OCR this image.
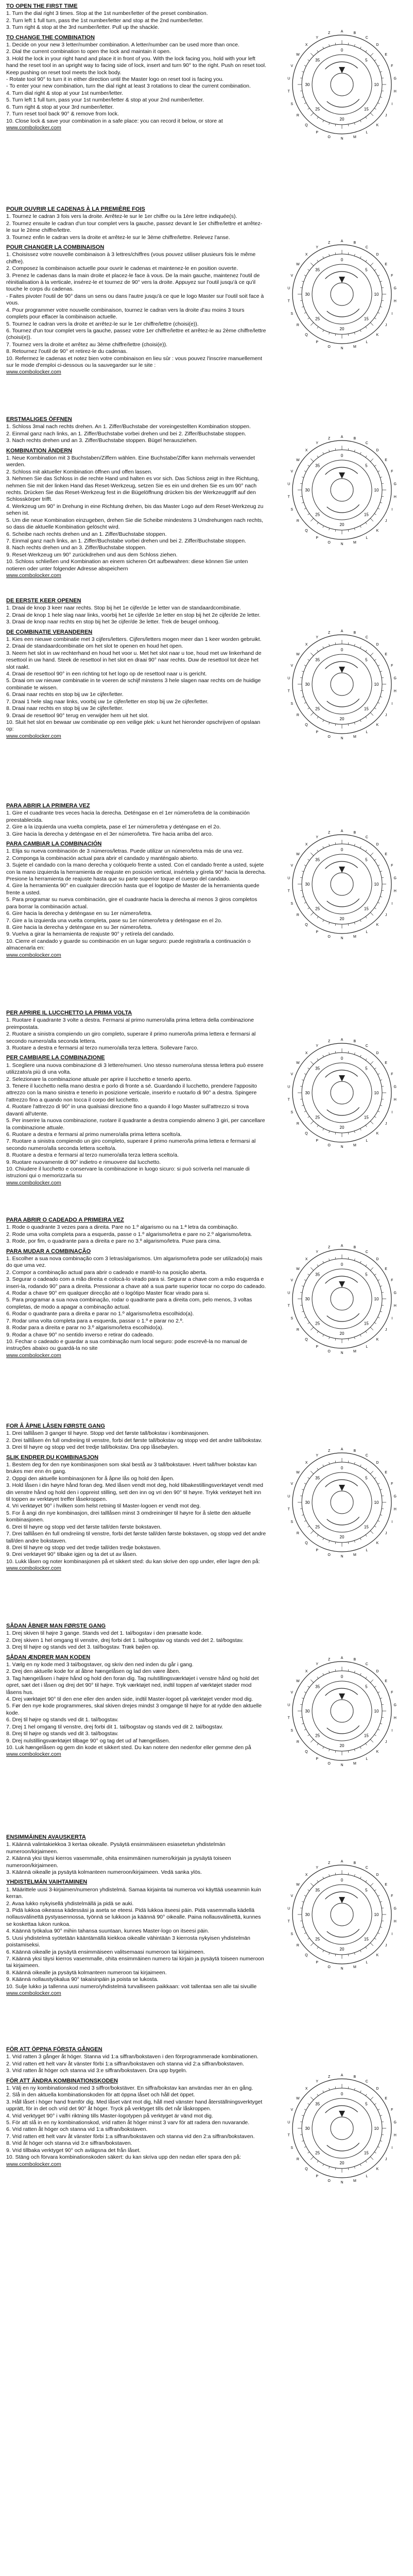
TO OPEN THE FIRST TIME

1. Turn the dial right 3 times. Stop at the 1st number/letter of the preset combination.
2. Turn left 1 full turn, pass the 1st number/letter and stop at the 2nd number/letter.
3. Turn right & stop at the 3rd number/letter. Pull up the shackle.

TO CHANGE THE COMBINATION

1. Decide on your new 3 letter/number combination. A letter/number can be used more than once.
2. Dial the current combination to open the lock and maintain it open.
3. Hold the lock in your right hand and place it in front of you. With the lock facing you, hold with your left hand the reset tool in an upright way to facing side of lock, insert and turn 90° to the right. Push on reset tool. Keep pushing on reset tool meets the lock body.
- Rotate tool 90° to turn it in either direction until the Master logo on reset tool is facing you.
- To enter your new combination, turn the dial right at least 3 rotations to clear the current combination.
4. Turn dial right & stop at your 1st number/letter.
5. Turn left 1 full turn, pass your 1st number/letter & stop at your 2nd number/letter.
6. Turn right & stop at your 3rd number/letter.
7. Turn reset tool back 90° & remove from lock.
10. Close lock & save your combination in a safe place: you can record it below, or store at

www.combolocker.com

0
5
10
15
20
25
30
35
A	B
C
D
E
F
G
H
I
J
K
L
M
N
O
P
Q
R
S
T
U
V
W
X
Y
Z

POUR OUVRIR LE CADENAS À LA PREMIÈRE FOIS

1. Tournez le cadran 3 fois vers la droite. Arrêtez-le sur le 1er chiffre ou la 1ère lettre indiquée(s).
2. Tournez ensuite le cadran d'un tour complet vers la gauche, passez devant le 1er chiffre/lettre et arrêtez-le sur le 2ème chiffre/lettre.
3. Tournez enfin le cadran vers la droite et arrêtez-le sur le 3ème chiffre/lettre. Relevez l'anse.

POUR CHANGER LA COMBINAISON

1. Choisissez votre nouvelle combinaison à 3 lettres/chiffres (vous pouvez utiliser plusieurs fois le même chiffre).
2. Composez la combinaison actuelle pour ouvrir le cadenas et maintenez-le en position ouverte.
3. Prenez le cadenas dans la main droite et placez-le face à vous. De la main gauche, maintenez l'outil de réinitialisation à la verticale, insérez-le et tournez de 90° vers la droite. Appuyez sur l'outil jusqu'à ce qu'il touche le corps du cadenas.
- Faites pivoter l'outil de 90° dans un sens ou dans l'autre jusqu'à ce que le logo Master sur l'outil soit face à vous.
4. Pour programmer votre nouvelle combinaison, tournez le cadran vers la droite d'au moins 3 tours complets pour effacer la combinaison actuelle.
5. Tournez le cadran vers la droite et arrêtez-le sur le 1er chiffre/lettre (choisi(e)).
6. Tournez d'un tour complet vers la gauche, passez votre 1er chiffre/lettre et arrêtez-le au 2ème chiffre/lettre (choisi(e)).
7. Tournez vers la droite et arrêtez au 3ème chiffre/lettre (choisi(e)).
8. Retournez l'outil de 90° et retirez-le du cadenas.
10. Refermez le cadenas et notez bien votre combinaison en lieu sûr : vous pouvez l'inscrire manuellement sur le mode d'emploi ci-dessous ou la sauvegarder sur le site :

www.combolocker.com

0
5
10
15
20
25
30
35
A	B
C
D
E
F
G
H
I
J
K
L
M
N
O
P
Q
R
S
T
U
V
W
X
Y
Z

ERSTMALIGES ÖFFNEN

1. Schloss 3mal nach rechts drehen. An 1. Ziffer/Buchstabe der voreingestellten Kombination stoppen.
2. Einmal ganz nach links, an 1. Ziffer/Buchstabe vorbei drehen und bei 2. Ziffer/Buchstabe stoppen.
3. Nach rechts drehen und an 3. Ziffer/Buchstabe stoppen. Bügel herausziehen.

KOMBINATION ÄNDERN

1. Neue Kombination mit 3 Buchstaben/Ziffern wählen. Eine Buchstabe/Ziffer kann mehrmals verwendet werden.
2. Schloss mit aktueller Kombination öffnen und offen lassen.
3. Nehmen Sie das Schloss in die rechte Hand und halten es vor sich. Das Schloss zeigt in Ihre Richtung, nehmen Sie mit der linken Hand das Reset-Werkzeug, setzen Sie es ein und drehen Sie es um 90° nach rechts. Drücken Sie das Reset-Werkzeug fest in die Bügelöffnung drücken bis der Werkzeuggriff auf den Schlosskörper trifft.
4. Werkzeug um 90° in Drehung in eine Richtung drehen, bis das Master Logo auf dem Reset-Werkzeug zu sehen ist.
5. Um die neue Kombination einzugeben, drehen Sie die Scheibe mindestens 3 Umdrehungen nach rechts, so dass die aktuelle Kombination gelöscht wird.
6. Scheibe nach rechts drehen und an 1. Ziffer/Buchstabe stoppen.
7. Einmal ganz nach links, an 1. Ziffer/Buchstabe vorbei drehen und bei 2. Ziffer/Buchstabe stoppen.
8. Nach rechts drehen und an 3. Ziffer/Buchstabe stoppen.
9. Reset-Werkzeug um 90° zurückdrehen und aus dem Schloss ziehen.
10. Schloss schließen und Kombination an einem sicheren Ort aufbewahren: diese können Sie unten notieren oder unter folgender Adresse abspeichern

www.combolocker.com

0
5
10
15
20
25
30
35
A	B
C
D
E
F
G
H
I
J
K
L
M
N
O
P
Q
R
S
T
U
V
W
X
Y
Z

DE EERSTE KEER OPENEN

1. Draai de knop 3 keer naar rechts. Stop bij het 1e cijfer/de 1e letter van de standaardcombinatie.
2. Draai de knop 1 hele slag naar links, voorbij het 1e cijfer/de 1e letter en stop bij het 2e cijfer/de 2e letter.
3. Draai de knop naar rechts en stop bij het 3e cijfer/de 3e letter. Trek de beugel omhoog.

DE COMBINATIE VERANDEREN

1. Kies een nieuwe combinatie met 3 cijfers/letters. Cijfers/letters mogen meer dan 1 keer worden gebruikt.
2. Draai de standaardcombinatie om het slot te openen en houd het open.
3. Neem het slot in uw rechterhand en houd het voor u. Met het slot naar u toe, houd met uw linkerhand de resettool in uw hand. Steek de resettool in het slot en draai 90° naar rechts. Duw de resettool tot deze het slot raakt.
4. Draai de resettool 90° in een richting tot het logo op de resettool naar u is gericht.
5. Draai om uw nieuwe combinatie in te voeren de schijf minstens 3 hele slagen naar rechts om de huidige combinatie te wissen.
6. Draai naar rechts en stop bij uw 1e cijfer/letter.
7. Draai 1 hele slag naar links, voorbij uw 1e cijfer/letter en stop bij uw 2e cijfer/letter.
8. Draai naar rechts en stop bij uw 3e cijfer/letter.
9. Draai de resettool 90° terug en verwijder hem uit het slot.
10. Sluit het slot en bewaar uw combinatie op een veilige plek: u kunt het hieronder opschrijven of opslaan op:

www.combolocker.com

0
5
10
15
20
25
30
35
A	B
C
D
E
F
G
H
I
J
K
L
M
N
O
P
Q
R
S
T
U
V
W
X
Y
Z

PARA ABRIR LA PRIMERA VEZ

1. Gire el cuadrante tres veces hacia la derecha. Deténgase en el 1er número/letra de la combinación preestablecida.
2. Gire a la izquierda una vuelta completa, pase el 1er número/letra y deténgase en el 2o.
3. Gire hacia la derecha y deténgase en el 3er número/letra. Tire hacia arriba del arco.

PARA CAMBIAR LA COMBINACIÓN

1. Elija su nueva combinación de 3 números/letras. Puede utilizar un número/letra más de una vez.
2. Componga la combinación actual para abrir el candado y manténgalo abierto.
3. Sujete el candado con la mano derecha y colóquelo frente a usted. Con el candado frente a usted, sujete con la mano izquierda la herramienta de reajuste en posición vertical, insértela y gírela 90° hacia la derecha. Presione la herramienta de reajuste hasta que su parte superior toque el cuerpo del candado.
4. Gire la herramienta 90° en cualquier dirección hasta que el logotipo de Master de la herramienta quede frente a usted.
5. Para programar su nueva combinación, gire el cuadrante hacia la derecha al menos 3 giros completos para borrar la combinación actual.
6. Gire hacia la derecha y deténgase en su 1er número/letra.
7. Gire a la izquierda una vuelta completa, pase su 1er número/letra y deténgase en el 2o.
8. Gire hacia la derecha y deténgase en su 3er número/letra.
9. Vuelva a girar la herramienta de reajuste 90° y retírela del candado.
10. Cierre el candado y guarde su combinación en un lugar seguro: puede registrarla a continuación o almacenarla en:

www.combolocker.com

0
5
10
15
20
25
30
35
A	B
C
D
E
F
G
H
I
J
K
L
M
N
O
P
Q
R
S
T
U
V
W
X
Y
Z

PER APRIRE IL LUCCHETTO LA PRIMA VOLTA

1. Ruotare il quadrante 3 volte a destra. Fermarsi al primo numero/alla prima lettera della combinazione preimpostata.
2. Ruotare a sinistra compiendo un giro completo, superare il primo numero/la prima lettera e fermarsi al secondo numero/alla seconda lettera.
3. Ruotare a destra e fermarsi al terzo numero/alla terza lettera. Sollevare l'arco.

PER CAMBIARE LA COMBINAZIONE

1. Scegliere una nuova combinazione di 3 lettere/numeri. Uno stesso numero/una stessa lettera può essere utilizzato/a più di una volta.
2. Selezionare la combinazione attuale per aprire il lucchetto e tenerlo aperto.
3. Tenere il lucchetto nella mano destra e porlo di fronte a sé. Guardando il lucchetto, prendere l'apposito attrezzo con la mano sinistra e tenerlo in posizione verticale, inserirlo e ruotarlo di 90° a destra. Spingere l'attrezzo fino a quando non tocca il corpo del lucchetto.
4. Ruotare l'attrezzo di 90° in una qualsiasi direzione fino a quando il logo Master sull'attrezzo si trova davanti all'utente.
5. Per inserire la nuova combinazione, ruotare il quadrante a destra compiendo almeno 3 giri, per cancellare la combinazione attuale.
6. Ruotare a destra e fermarsi al primo numero/alla prima lettera scelto/a.
7. Ruotare a sinistra compiendo un giro completo, superare il primo numero/la prima lettera e fermarsi al secondo numero/alla seconda lettera scelto/a.
8. Ruotare a destra e fermarsi al terzo numero/alla terza lettera scelto/a.
9. Ruotare nuovamente di 90° indietro e rimuovere dal lucchetto.
10. Chiudere il lucchetto e conservare la combinazione in luogo sicuro: si può scriverla nel manuale di istruzioni qui o memorizzarla su

www.combolocker.com

0
5
10
15
20
25
30
35
A	B
C
D
E
F
G
H
I
J
K
L
M
N
O
P
Q
R
S
T
U
V
W
X
Y
Z

PARA ABRIR O CADEADO A PRIMEIRA VEZ

1. Rode o quadrante 3 vezes para a direita. Pare no 1.º algarismo ou na 1.ª letra da combinação.
2. Rode uma volta completa para a esquerda, passe o 1.º algarismo/letra e pare no 2.º algarismo/letra.
3. Rode, por fim, o quadrante para a direita e pare no 3.º algarismo/letra. Puxe para cima.

PARA MUDAR A COMBINAÇÃO

1. Escolher a sua nova combinação com 3 letras/algarismos. Um algarismo/letra pode ser utilizado(a) mais do que uma vez.
2. Compor a combinação actual para abrir o cadeado e mantê-lo na posição aberta.
3. Segurar o cadeado com a mão direita e colocá-lo virado para si. Segurar a chave com a mão esquerda e inseri-la, rodando 90° para a direita. Pressionar a chave até a sua parte superior tocar no corpo do cadeado.
4. Rodar a chave 90° em qualquer direcção até o logótipo Master ficar virado para si.
5. Para programar a sua nova combinação, rodar o quadrante para a direita com, pelo menos, 3 voltas completas, de modo a apagar a combinação actual.
6. Rodar o quadrante para a direita e parar no 1.º algarismo/letra escolhido(a).
7. Rodar uma volta completa para a esquerda, passar o 1.º e parar no 2.º.
8. Rodar para a direita e parar no 3.º algarismo/letra escolhido(a).
9. Rodar a chave 90° no sentido inverso e retirar do cadeado.
10. Fechar o cadeado e guardar a sua combinação num local seguro: pode escrevê-la no manual de instruções abaixo ou guardá-la no site

www.combolocker.com

0
5
10
15
20
25
30
35
A	B
C
D
E
F
G
H
I
J
K
L
M
N
O
P
Q
R
S
T
U
V
W
X
Y
Z

FOR Å ÅPNE LÅSEN FØRSTE GANG

1. Drei talllåsen 3 ganger til høyre. Stopp ved det første tall/bokstav i kombinasjonen.
2. Drei talllåsen én full omdreiing til venstre, forbi det første tall/bokstav og stopp ved det andre tall/bokstav.
3. Drei til høyre og stopp ved det tredje tall/bokstav. Dra opp låsebøylen.

SLIK ENDRER DU KOMBINASJON

1. Bestem deg for den nye kombinasjonen som skal bestå av 3 tall/bokstaver. Hvert tall/hver bokstav kan brukes mer enn én gang.
2. Oppgi den aktuelle kombinasjonen for å åpne lås og hold den åpen.
3. Hold låsen i din høyre hånd foran deg. Med låsen vendt mot deg, hold tilbakestillingsverktøyet vendt med din venstre hånd og hold den i oppreist stilling, sett den inn og vri den 90° til høyre. Trykk verktøyet helt inn til toppen av verktøyet treffer låsekroppen.
4. Vri verktøyet 90° i hvilken som helst retning til Master-logoen er vendt mot deg.
5. For å angi din nye kombinasjon, drei talllåsen minst 3 omdreininger til høyre for å slette den aktuelle kombinasjonen.
6. Drei til høyre og stopp ved det første tall/den første bokstaven.
7. Drei talllåsen én full omdreiing til venstre, forbi det første tall/den første bokstaven, og stopp ved det andre tall/den andre bokstaven.
8. Drei til høyre og stopp ved det tredje tall/den tredje bokstaven.
9. Drei verktøyet 90° tilbake igjen og ta det ut av låsen.
10. Lukk låsen og noter kombinasjonen på et sikkert sted: du kan skrive den opp under, eller lagre den på:

www.combolocker.com

0
5
10
15
20
25
30
35
A	B
C
D
E
F
G
H
I
J
K
L
M
N
O
P
Q
R
S
T
U
V
W
X
Y
Z

SÅDAN ÅBNER MAN FØRSTE GANG

1. Drej skiven til højre 3 gange. Stands ved det 1. tal/bogstav i den præsatte kode.
2. Drej skiven 1 hel omgang til venstre, drej forbi det 1. tal/bogstav og stands ved det 2. tal/bogstav.
3. Drej til højre og stands ved det 3. tal/bogstav. Træk bøjlen op.

SÅDAN ÆNDRER MAN KODEN

1. Vælg en ny kode med 3 tal/bogstaver, og skriv den ned inden du går i gang.
2. Drej den aktuelle kode for at åbne hængelåsen og lad den være åben.
3. Tag hængelåsen i højre hånd og hold den foran dig. Tag nulstillingsværktøjet i venstre hånd og hold det opret, sæt det i låsen og drej det 90° til højre. Tryk værktøjet ned, indtil toppen af værktøjet støder mod låsens hus.
4. Drej værktøjet 90° til den ene eller den anden side, indtil Master-logoet på værktøjet vender mod dig.
5. Før den nye kode programmeres, skal skiven drejes mindst 3 omgange til højre for at rydde den aktuelle kode.
6. Drej til højre og stands ved dit 1. tal/bogstav.
7. Drej 1 hel omgang til venstre, drej forbi dit 1. tal/bogstav og stands ved dit 2. tal/bogstav.
8. Drej til højre og stands ved dit 3. tal/bogstav.
9. Drej nulstillingsværktøjet tilbage 90° og tag det ud af hængelåsen.
10. Luk hængelåsen og gem din kode et sikkert sted. Du kan notere den nedenfor eller gemme den på

www.combolocker.com

0
5
10
15
20
25
30
35
A	B
C
D
E
F
G
H
I
J
K
L
M
N
O
P
Q
R
S
T
U
V
W
X
Y
Z

ENSIMMÄINEN AVAUSKERTA

1. Käännä valintakiekkoa 3 kertaa oikealle. Pysäytä ensimmäiseen esiasetetun yhdistelmän numeroon/kirjaimeen.
2. Käännä yksi täysi kierros vasemmalle, ohita ensimmäinen numero/kirjain ja pysäytä toiseen numeroon/kirjaimeen.
3. Käännä oikealle ja pysäytä kolmanteen numeroon/kirjaimeen. Vedä sanka ylös.

YHDISTELMÄN VAIHTAMINEN

1. Määrittele uusi 3-kirjaimen/numeron yhdistelmä. Samaa kirjainta tai numeroa voi käyttää useammin kuin kerran.
2. Avaa lukko nykyisellä yhdistelmällä ja pidä se auki.
3. Pidä lukkoa oikeassa kädessäsi ja aseta se eteesi. Pidä lukkoa itseesi päin. Pidä vasemmalla kädellä nollausvälinettä pystyasennossa, työnnä se lukkoon ja käännä 90° oikealle. Paina nollausvälinettä, kunnes se koskettaa lukon runkoa.
4. Käännä työkalua 90° mihin tahansa suuntaan, kunnes Master-logo on itseesi päin.
5. Uusi yhdistelmä syötetään kääntämällä kiekkoa oikealle vähintään 3 kierrosta nykyisen yhdistelmän poistamiseksi.
6. Käännä oikealle ja pysäytä ensimmäiseen valitsemaasi numeroon tai kirjaimeen.
7. Käännä yksi täysi kierros vasemmalle, ohita ensimmäinen numero tai kirjain ja pysäytä toiseen numeroon tai kirjaimeen.
8. Käännä oikealle ja pysäytä kolmanteen numeroon tai kirjaimeen.
9. Käännä nollaustyökalua 90° takaisinpäin ja poista se lukosta.
10. Sulje lukko ja tallenna uusi numero/yhdistelmä turvalliseen paikkaan: voit tallentaa sen alle tai sivuille

www.combolocker.com

0
5
10
15
20
25
30
35
A	B
C
D
E
F
G
H
I
J
K
L
M
N
O
P
Q
R
S
T
U
V
W
X
Y
Z

FÖR ATT ÖPPNA FÖRSTA GÅNGEN

1. Vrid ratten 3 gånger åt höger. Stanna vid 1:a siffran/bokstaven i den förprogrammerade kombinationen.
2. Vrid ratten ett helt varv åt vänster förbi 1:a siffran/bokstaven och stanna vid 2:a siffran/bokstaven.
3. Vrid ratten åt höger och stanna vid 3:e siffran/bokstaven. Dra upp bygeln.

FÖR ATT ÄNDRA KOMBINATIONSKODEN

1. Välj en ny kombinationskod med 3 siffror/bokstäver. En siffra/bokstav kan användas mer än en gång.
2. Slå in den aktuella kombinationskoden för att öppna låset och håll det öppet.
3. Håll låset i höger hand framför dig. Med låset vänt mot dig, håll med vänster hand återställningsverktyget upprätt, för in det och vrid det 90° åt höger. Tryck på verktyget tills det når låskroppen.
4. Vrid verktyget 90° i valfri riktning tills Master-logotypen på verktyget är vänd mot dig.
5. För att slå in en ny kombinationskod, vrid ratten åt höger minst 3 varv för att radera den nuvarande.
6. Vrid ratten åt höger och stanna vid 1:a siffran/bokstaven.
7. Vrid ratten ett helt varv åt vänster förbi 1:a siffran/bokstaven och stanna vid den 2:a siffran/bokstaven.
8. Vrid åt höger och stanna vid 3:e siffran/bokstaven.
9. Vrid tillbaka verktyget 90° och avlägsna det från låset.
10. Stäng och förvara kombinationskoden säkert: du kan skriva upp den nedan eller spara den på:

www.combolocker.com

0
5
10
15
20
25
30
35
A	B
C
D
E
F
G
H
I
J
K
L
M
N
O
P
Q
R
S
T
U
V
W
X
Y
Z
